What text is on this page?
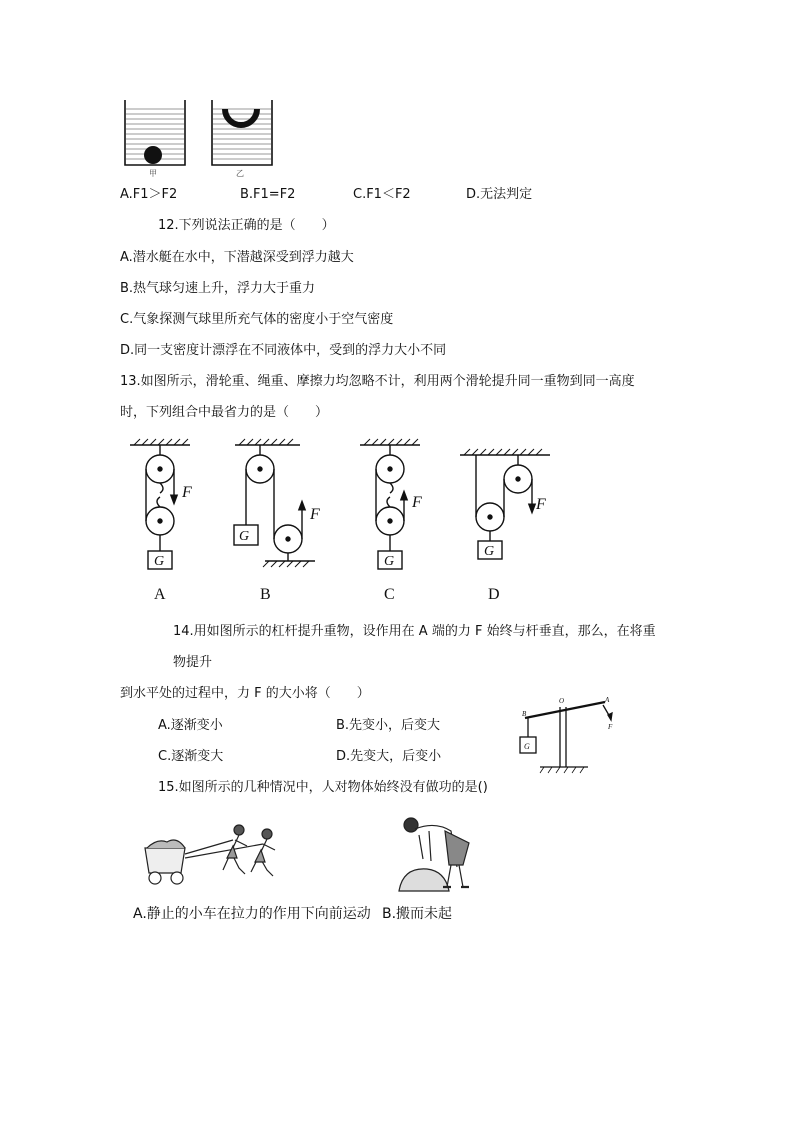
甲	乙
A.F1＞F2	B.F1=F2	C.F1＜F2	D.无法判定
12.下列说法正确的是（　　）
A.潜水艇在水中，下潜越深受到浮力越大
B.热气球匀速上升，浮力大于重力
C.气象探测气球里所充气体的密度小于空气密度
D.同一支密度计漂浮在不同液体中，受到的浮力大小不同
13.如图所示，滑轮重、绳重、摩擦力均忽略不计，利用两个滑轮提升同一重物到同一高度
时，下列组合中最省力的是（　　）
F
G
G
F
F
G
F
G
A	B	C	D
14.用如图所示的杠杆提升重物，设作用在 A 端的力 F 始终与杆垂直，那么，在将重
物提升
到水平处的过程中，力 F 的大小将（　　）
A.逐渐变小	B.先变小，后变大
C.逐渐变大	D.先变大，后变小
O	A
B
F
G
15.如图所示的几种情况中，人对物体始终没有做功的是()
A.静止的小车在拉力的作用下向前运动 B.搬而未起
